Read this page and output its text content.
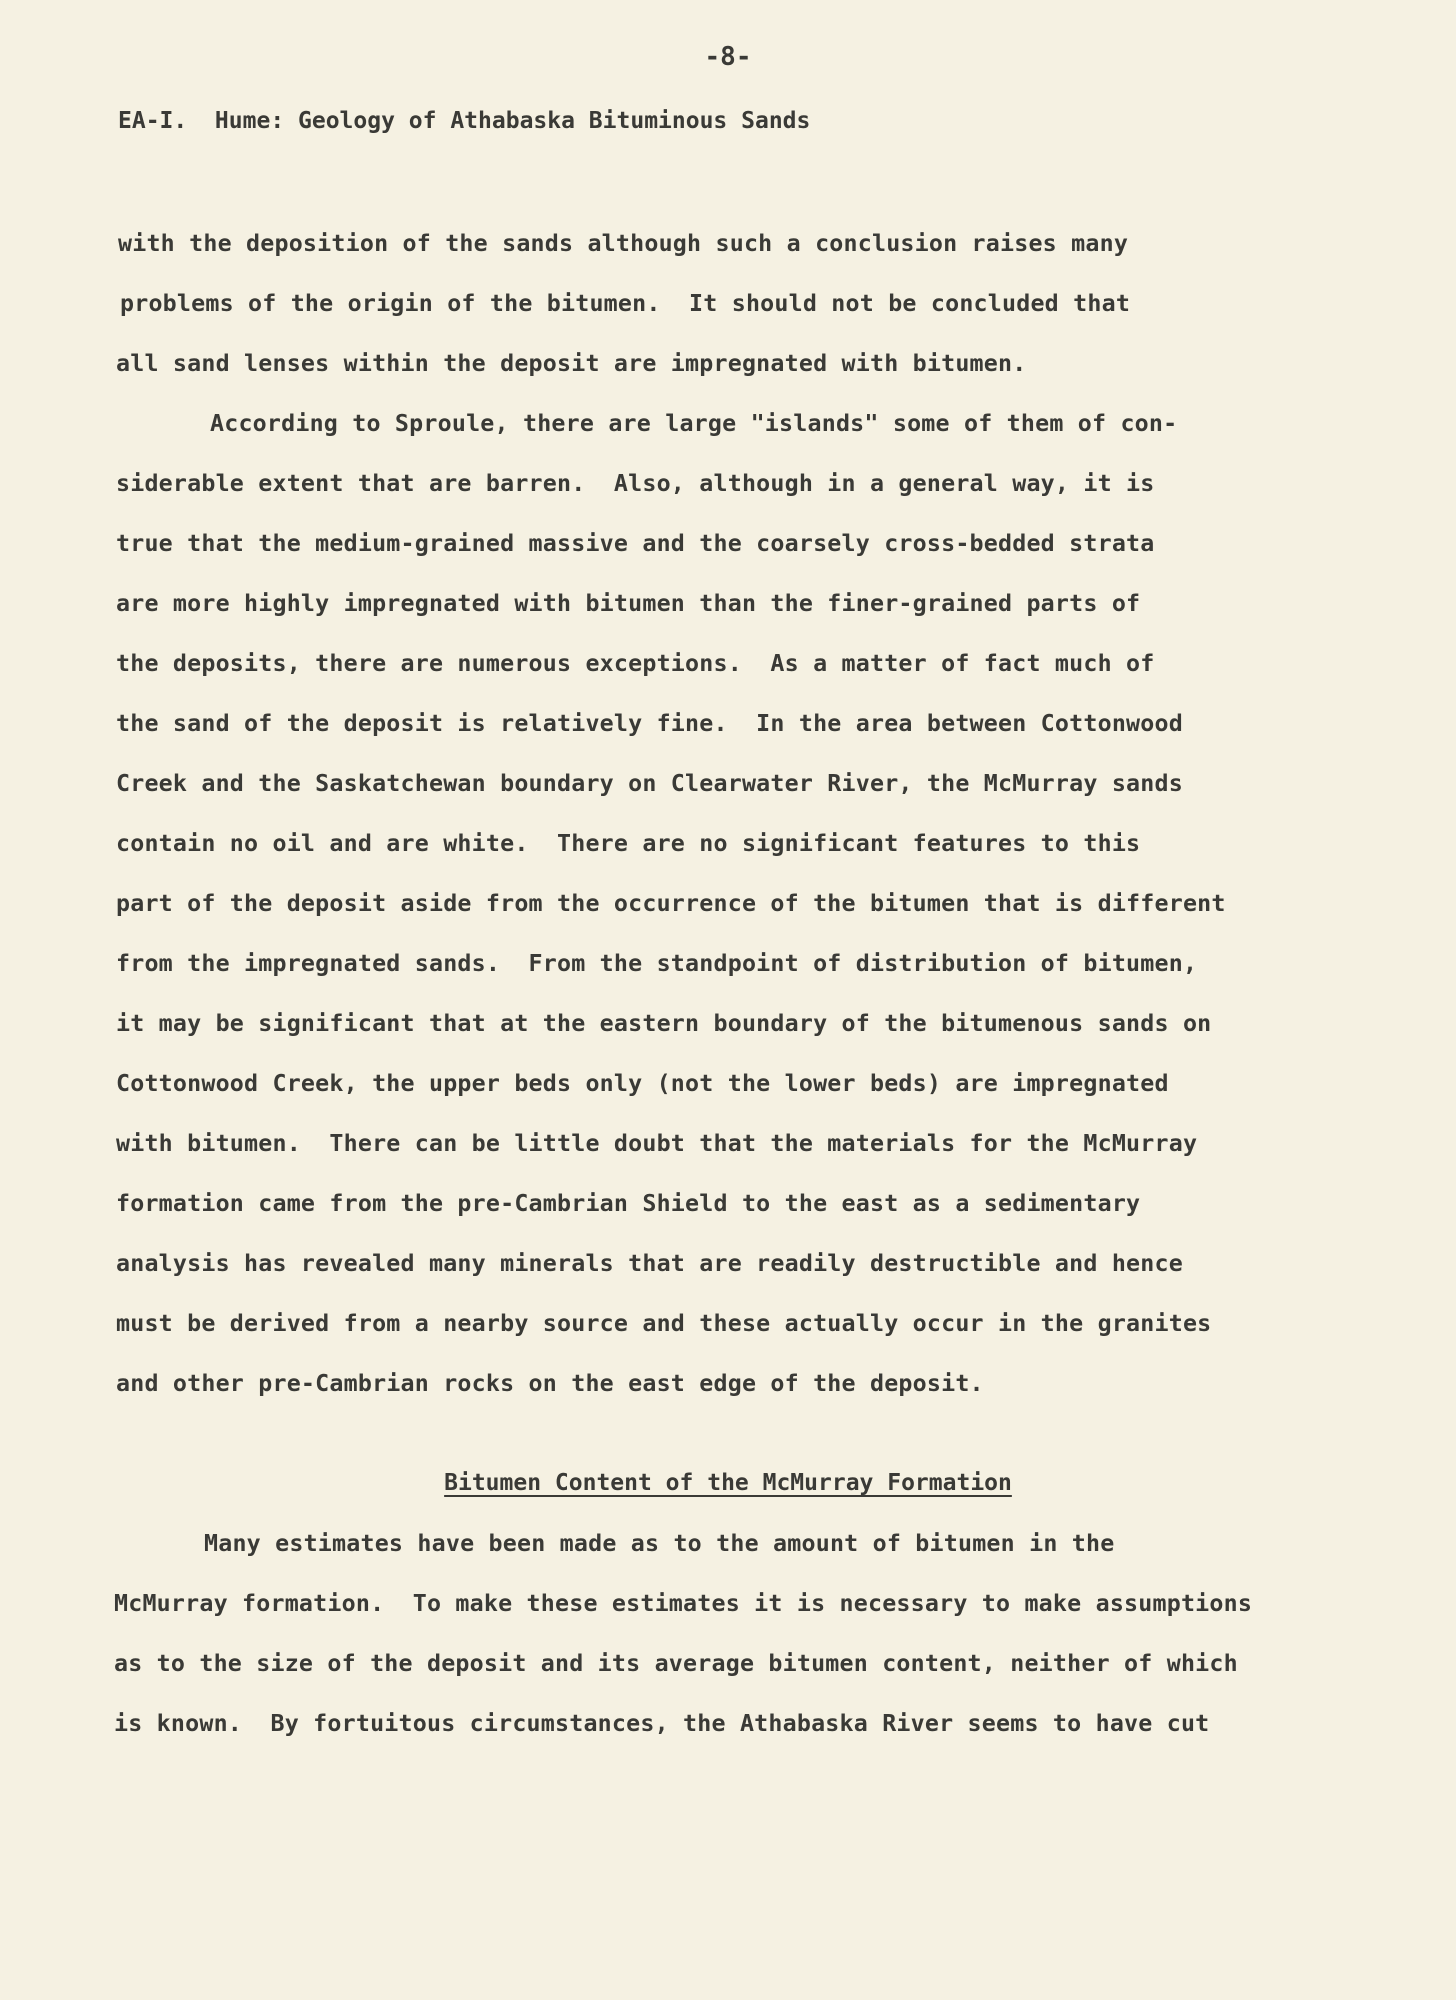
-8-
EA-I.  Hume: Geology of Athabaska Bituminous Sands
with the deposition of the sands although such a conclusion raises many
problems of the origin of the bitumen.  It should not be concluded that
all sand lenses within the deposit are impregnated with bitumen.
According to Sproule, there are large "islands" some of them of con-
siderable extent that are barren.  Also, although in a general way, it is
true that the medium-grained massive and the coarsely cross-bedded strata
are more highly impregnated with bitumen than the finer-grained parts of
the deposits, there are numerous exceptions.  As a matter of fact much of
the sand of the deposit is relatively fine.  In the area between Cottonwood
Creek and the Saskatchewan boundary on Clearwater River, the McMurray sands
contain no oil and are white.  There are no significant features to this
part of the deposit aside from the occurrence of the bitumen that is different
from the impregnated sands.  From the standpoint of distribution of bitumen,
it may be significant that at the eastern boundary of the bitumenous sands on
Cottonwood Creek, the upper beds only (not the lower beds) are impregnated
with bitumen.  There can be little doubt that the materials for the McMurray
formation came from the pre-Cambrian Shield to the east as a sedimentary
analysis has revealed many minerals that are readily destructible and hence
must be derived from a nearby source and these actually occur in the granites
and other pre-Cambrian rocks on the east edge of the deposit.
Bitumen Content of the McMurray Formation
Many estimates have been made as to the amount of bitumen in the
McMurray formation.  To make these estimates it is necessary to make assumptions
as to the size of the deposit and its average bitumen content, neither of which
is known.  By fortuitous circumstances, the Athabaska River seems to have cut
